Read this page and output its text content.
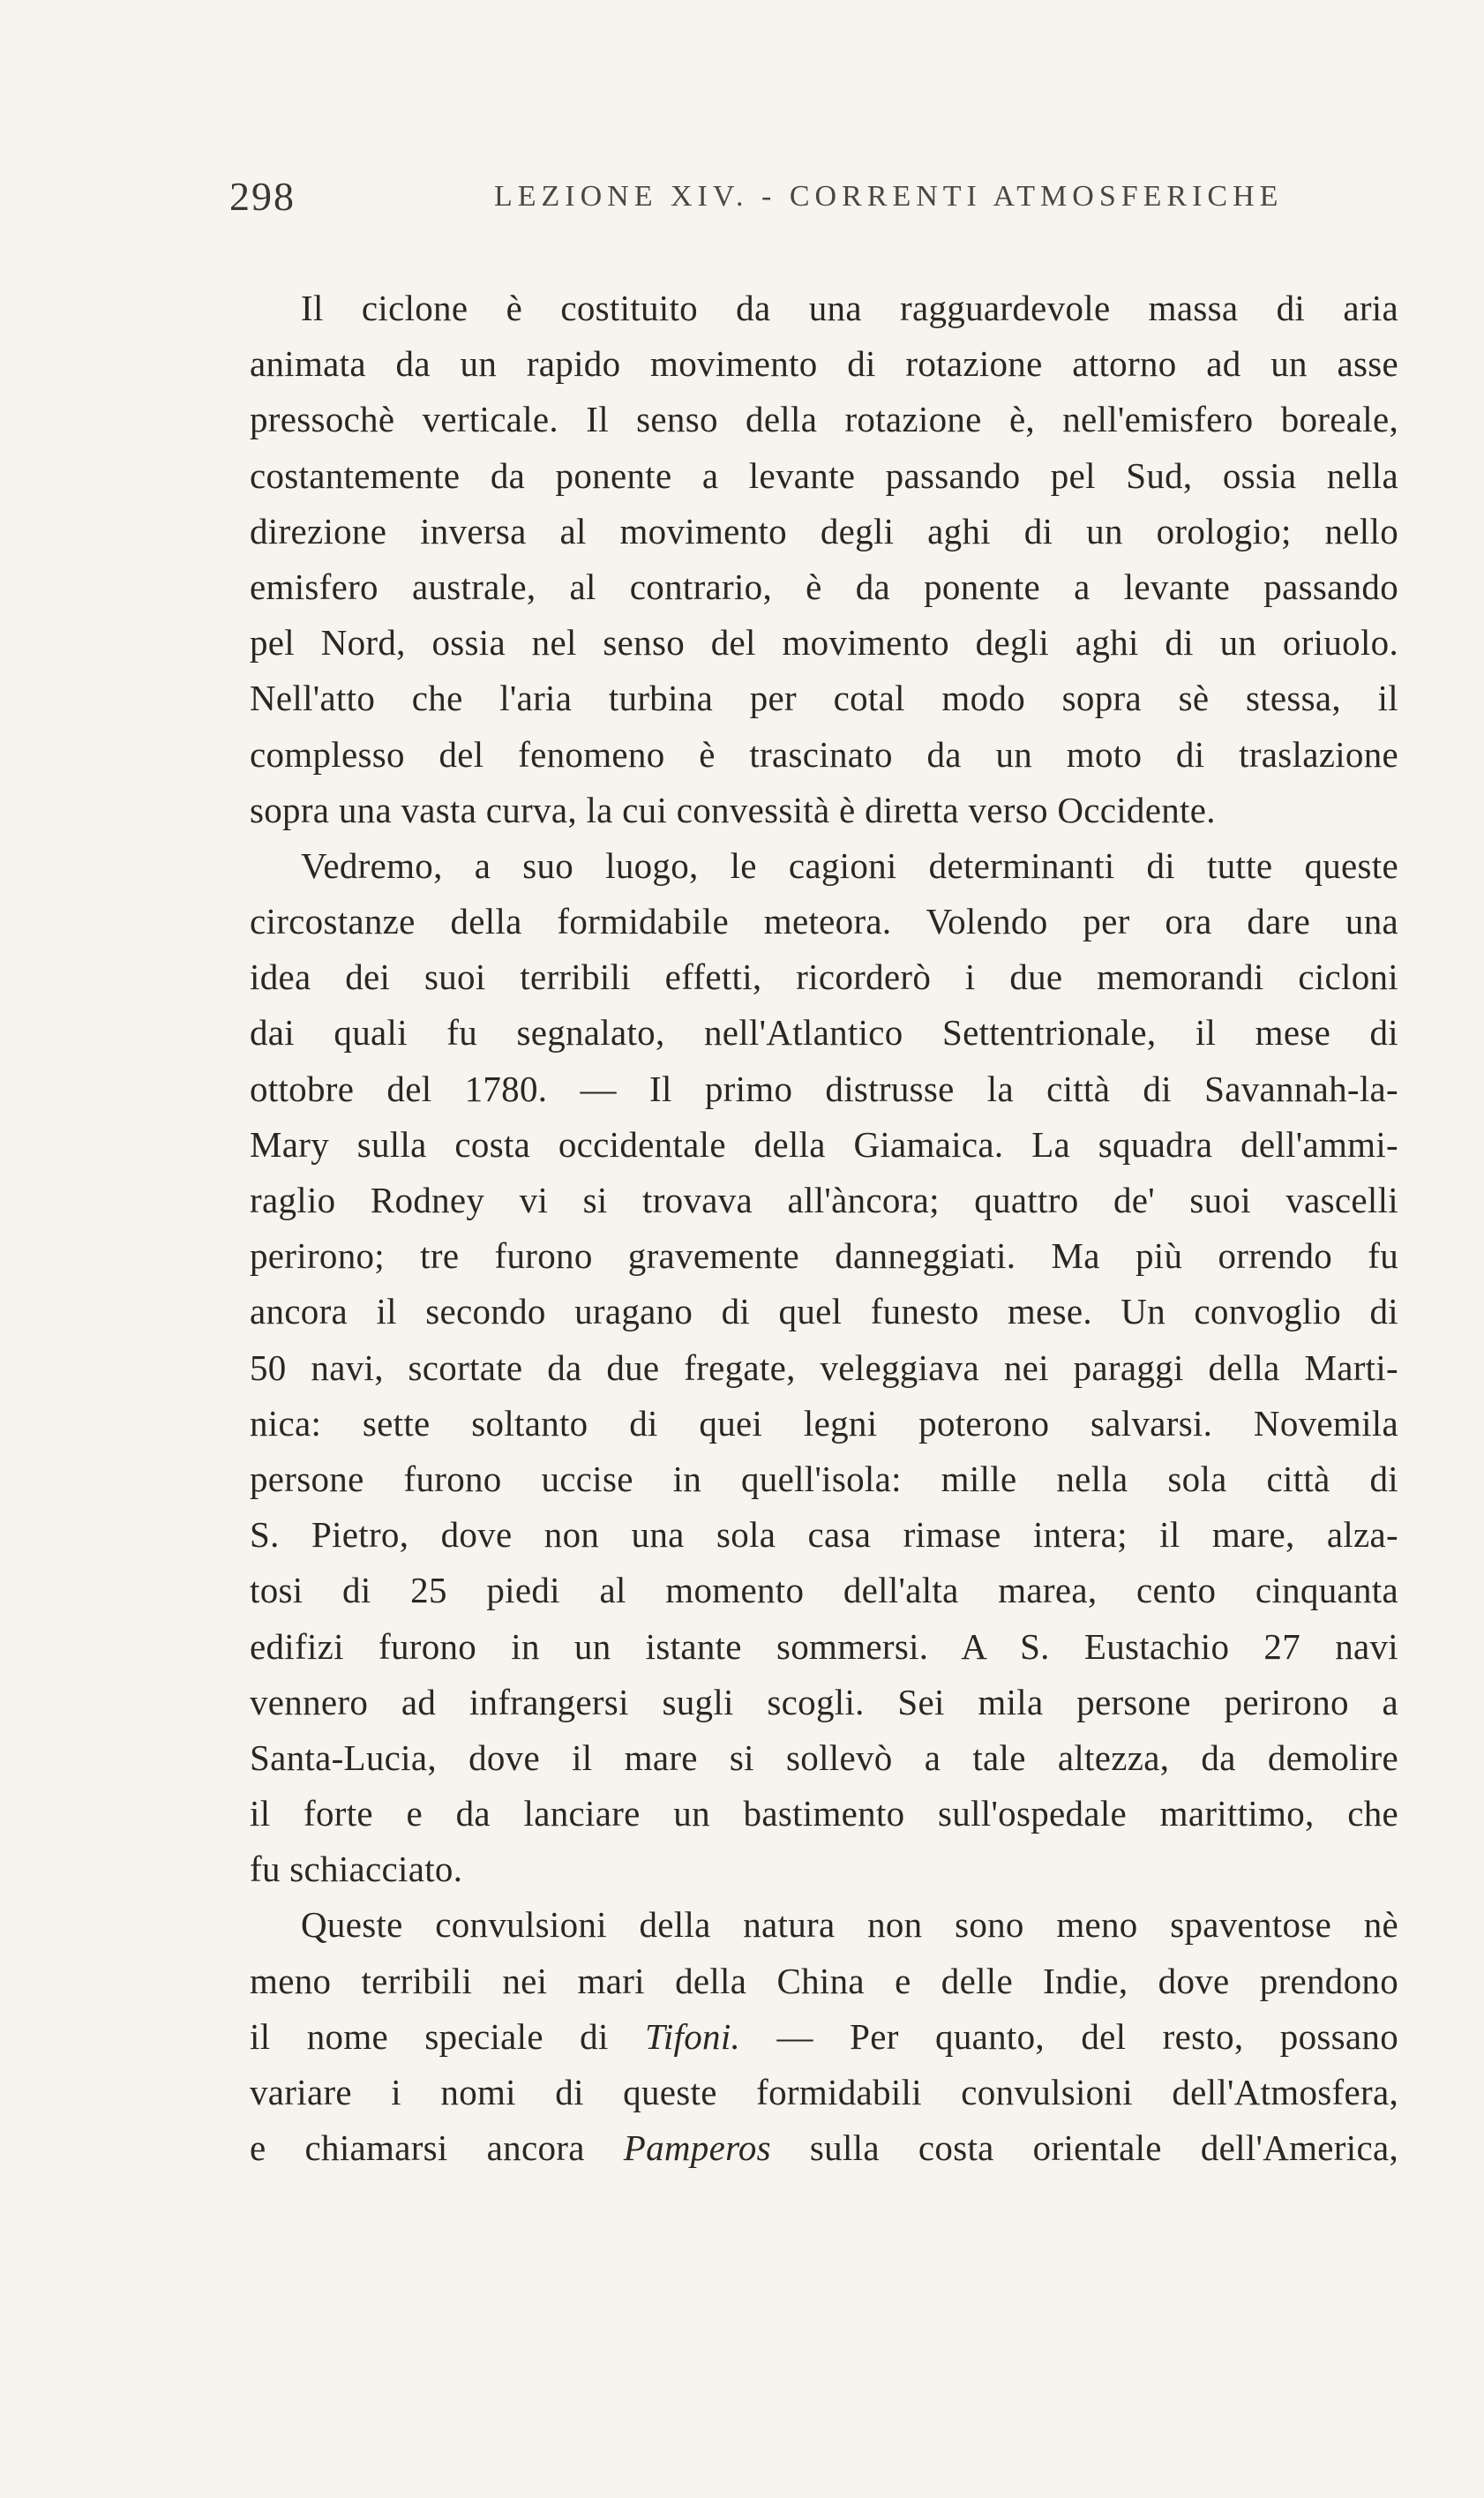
298	LEZIONE XIV. - CORRENTI ATMOSFERICHE
Il ciclone è costituito da una ragguardevole massa di aria
animata da un rapido movimento di rotazione attorno ad un asse
pressochè verticale. Il senso della rotazione è, nell'emisfero boreale,
costantemente da ponente a levante passando pel Sud, ossia nella
direzione inversa al movimento degli aghi di un orologio; nello
emisfero australe, al contrario, è da ponente a levante passando
pel Nord, ossia nel senso del movimento degli aghi di un oriuolo.
Nell'atto che l'aria turbina per cotal modo sopra sè stessa, il
complesso del fenomeno è trascinato da un moto di traslazione
sopra una vasta curva, la cui convessità è diretta verso Occidente.
Vedremo, a suo luogo, le cagioni determinanti di tutte queste
circostanze della formidabile meteora. Volendo per ora dare una
idea dei suoi terribili effetti, ricorderò i due memorandi cicloni
dai quali fu segnalato, nell'Atlantico Settentrionale, il mese di
ottobre del 1780. — Il primo distrusse la città di Savannah-la-
Mary sulla costa occidentale della Giamaica. La squadra dell'ammi-
raglio Rodney vi si trovava all'àncora; quattro de' suoi vascelli
perirono; tre furono gravemente danneggiati. Ma più orrendo fu
ancora il secondo uragano di quel funesto mese. Un convoglio di
50 navi, scortate da due fregate, veleggiava nei paraggi della Marti-
nica: sette soltanto di quei legni poterono salvarsi. Novemila
persone furono uccise in quell'isola: mille nella sola città di
S. Pietro, dove non una sola casa rimase intera; il mare, alza-
tosi di 25 piedi al momento dell'alta marea, cento cinquanta
edifizi furono in un istante sommersi. A S. Eustachio 27 navi
vennero ad infrangersi sugli scogli. Sei mila persone perirono a
Santa-Lucia, dove il mare si sollevò a tale altezza, da demolire
il forte e da lanciare un bastimento sull'ospedale marittimo, che
fu schiacciato.
Queste convulsioni della natura non sono meno spaventose nè
meno terribili nei mari della China e delle Indie, dove prendono
il nome speciale di Tifoni. — Per quanto, del resto, possano
variare i nomi di queste formidabili convulsioni dell'Atmosfera,
e chiamarsi ancora Pamperos sulla costa orientale dell'America,
